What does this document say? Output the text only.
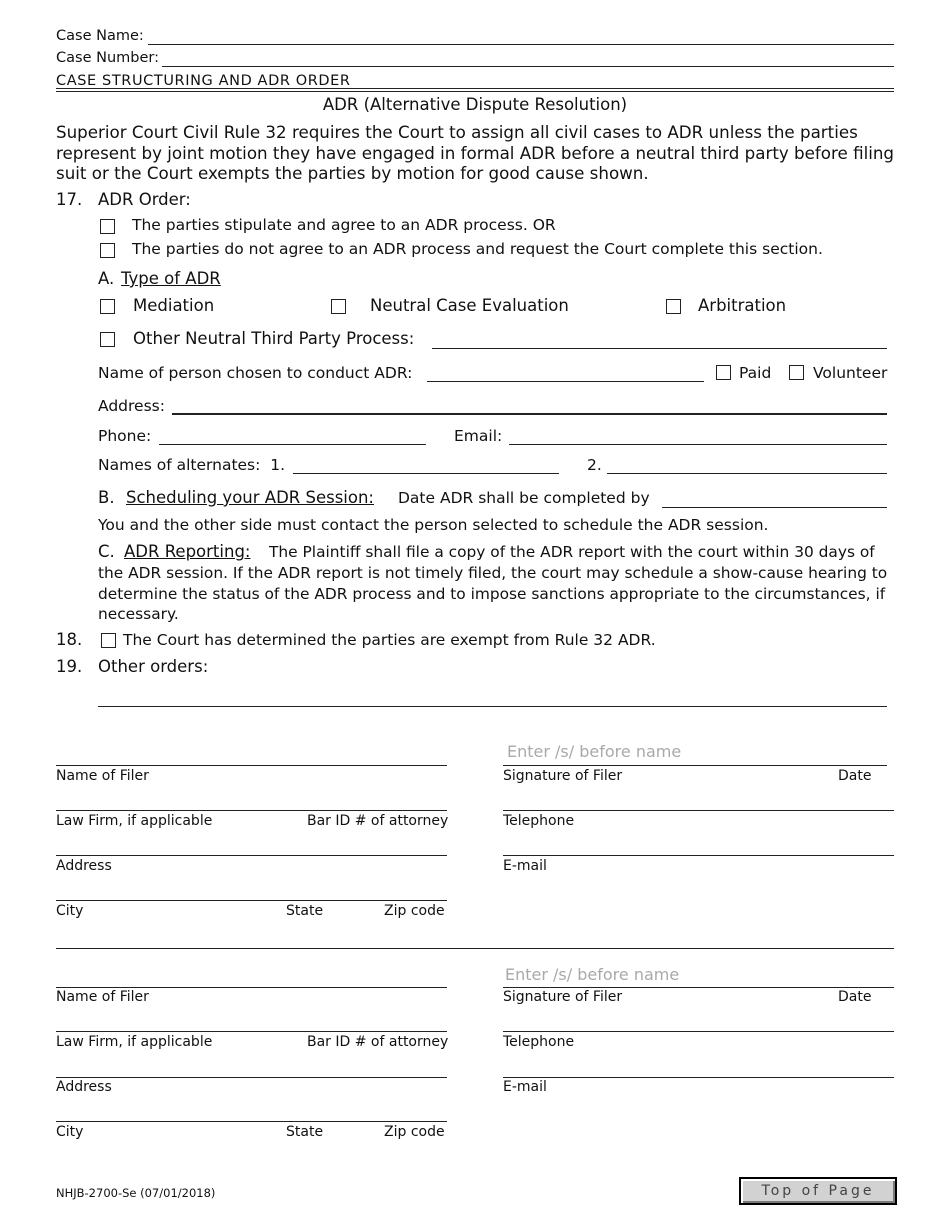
Case Name:
Case Number:
CASE STRUCTURING AND ADR ORDER
ADR (Alternative Dispute Resolution)
Superior Court Civil Rule 32 requires the Court to assign all civil cases to ADR unless the parties represent by joint motion they have engaged in formal ADR before a neutral third party before filing suit or the Court exempts the parties by motion for good cause shown.
17. ADR Order:
The parties stipulate and agree to an ADR process. OR
The parties do not agree to an ADR process and request the Court complete this section.
A. Type of ADR
Mediation	Neutral Case Evaluation	Arbitration
Other Neutral Third Party Process:
Name of person chosen to conduct ADR:	Paid	Volunteer
Address:
Phone:	Email:
Names of alternates:  1.	2.
B. Scheduling your ADR Session: Date ADR shall be completed by
You and the other side must contact the person selected to schedule the ADR session.
C. ADR Reporting:	The Plaintiff shall file a copy of the ADR report with the court within 30 days of the ADR session. If the ADR report is not timely filed, the court may schedule a show-cause hearing to determine the status of the ADR process and to impose sanctions appropriate to the circumstances, if necessary.
18.	The Court has determined the parties are exempt from Rule 32 ADR.
19. Other orders:
Enter /s/ before name
Name of Filer	Signature of Filer	Date
Law Firm, if applicable	Bar ID # of attorney	Telephone
Address	E-mail
City	State	Zip code
Enter /s/ before name
Name of Filer	Signature of Filer	Date
Law Firm, if applicable	Bar ID # of attorney	Telephone
Address	E-mail
City	State	Zip code
NHJB-2700-Se (07/01/2018)	Top of Page
